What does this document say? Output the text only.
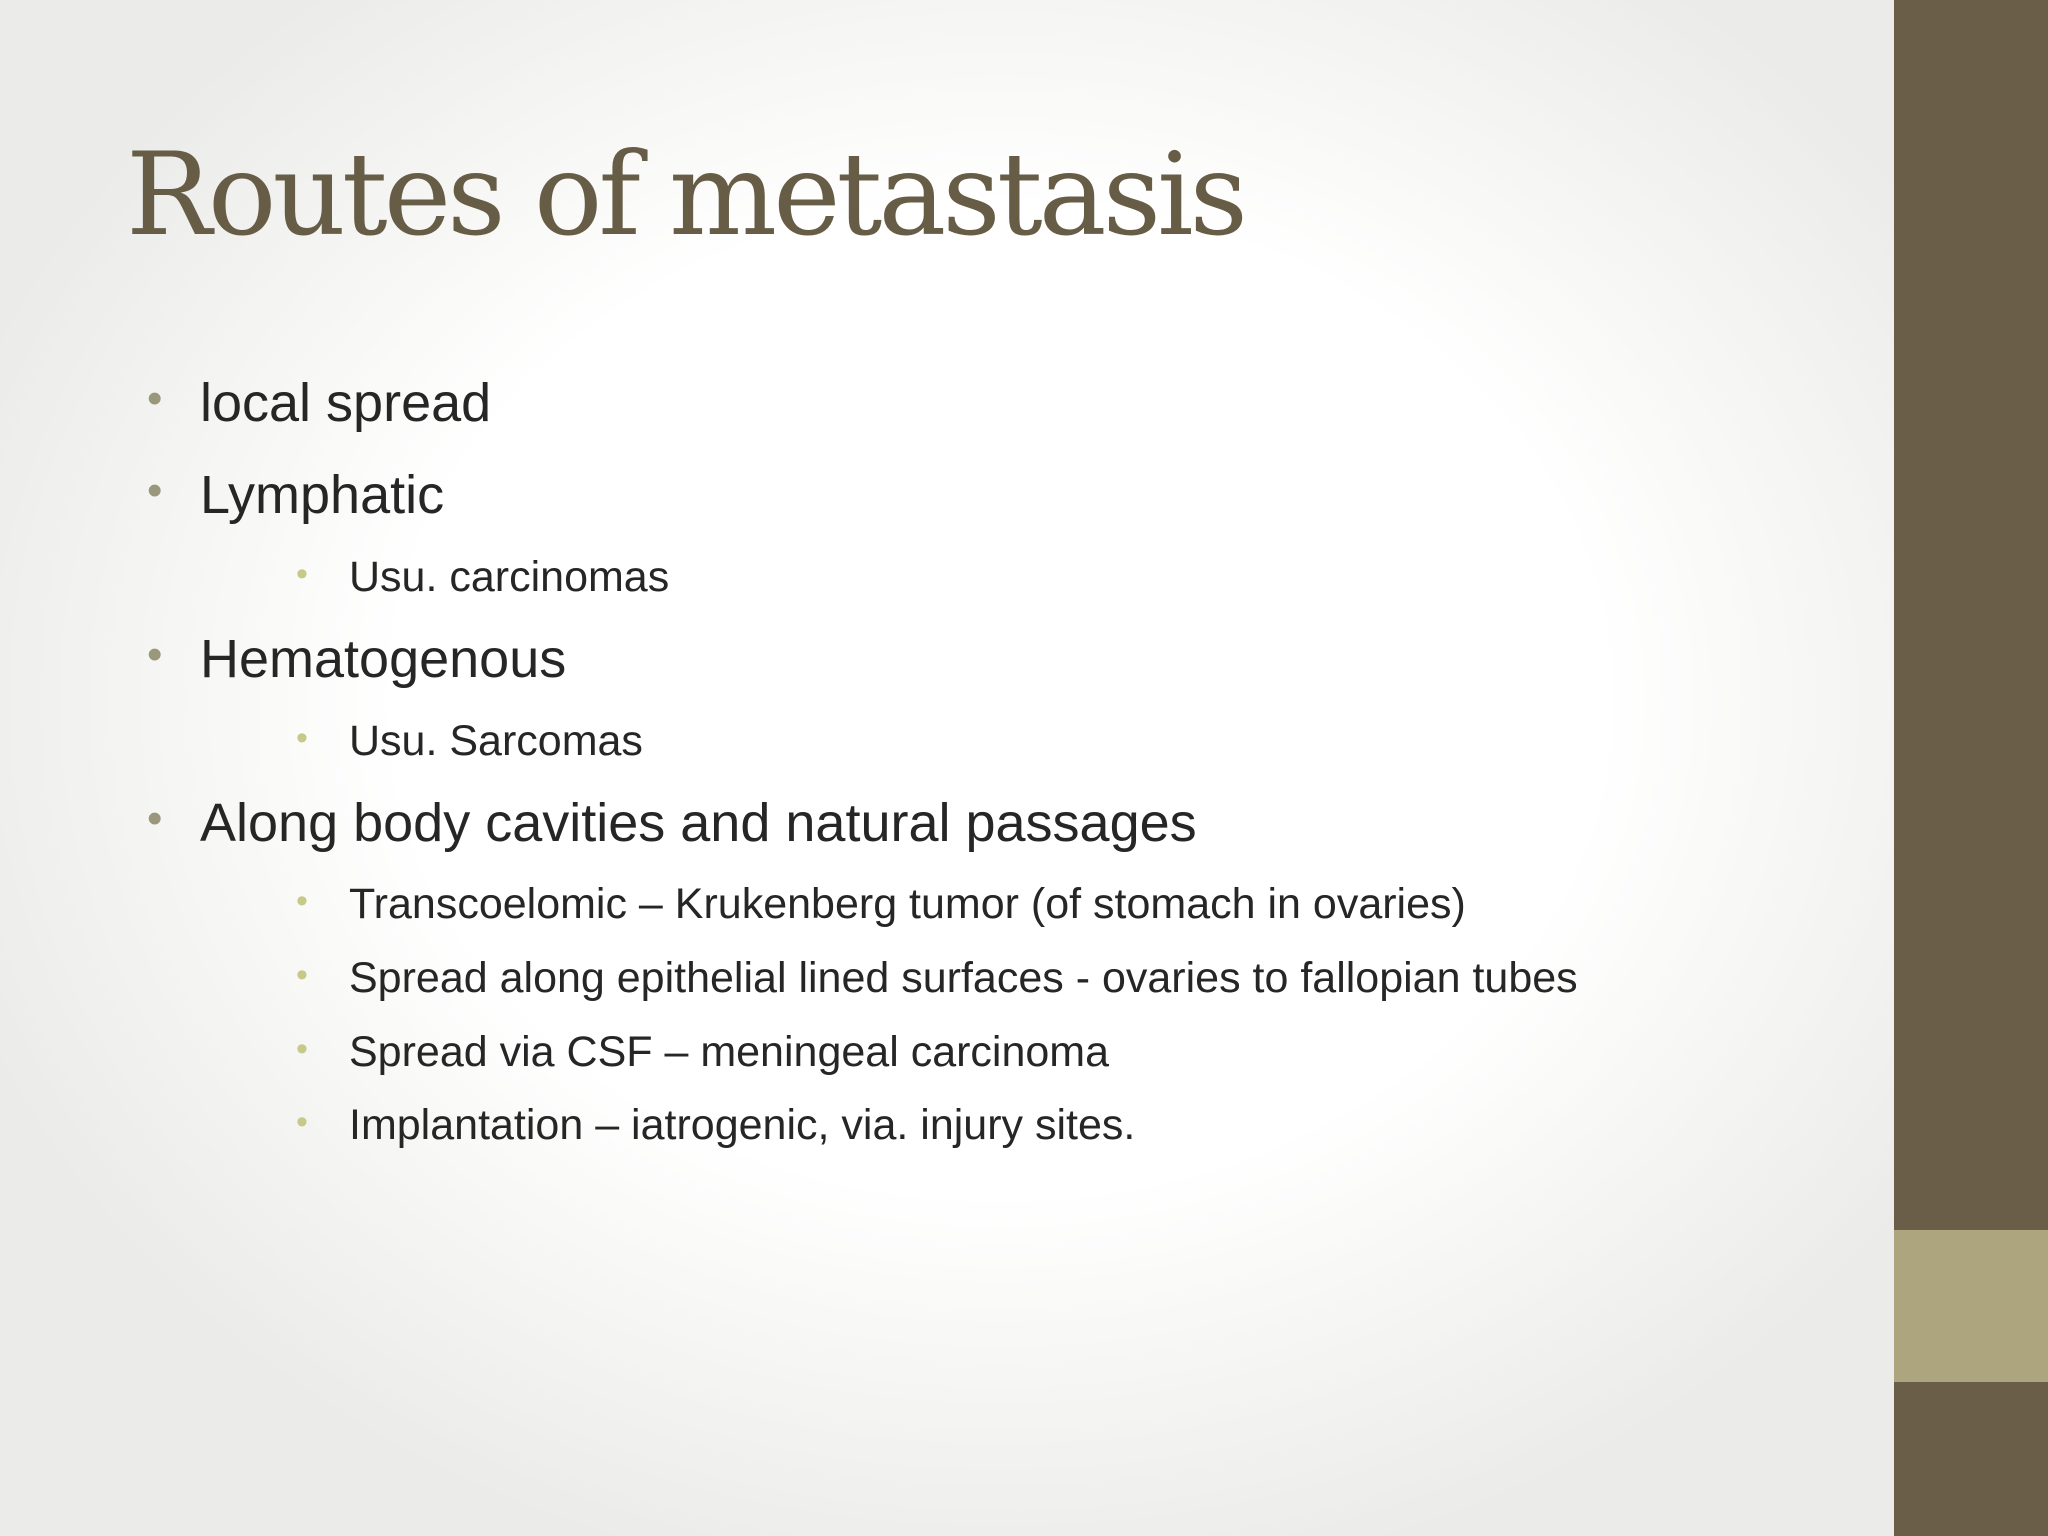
Routes of metastasis
• local spread
• Lymphatic
• Usu. carcinomas
• Hematogenous
• Usu. Sarcomas
• Along body cavities and natural passages
• Transcoelomic – Krukenberg tumor (of stomach in ovaries)
• Spread along epithelial lined surfaces - ovaries to fallopian tubes
• Spread via CSF – meningeal carcinoma
• Implantation – iatrogenic, via. injury sites.
